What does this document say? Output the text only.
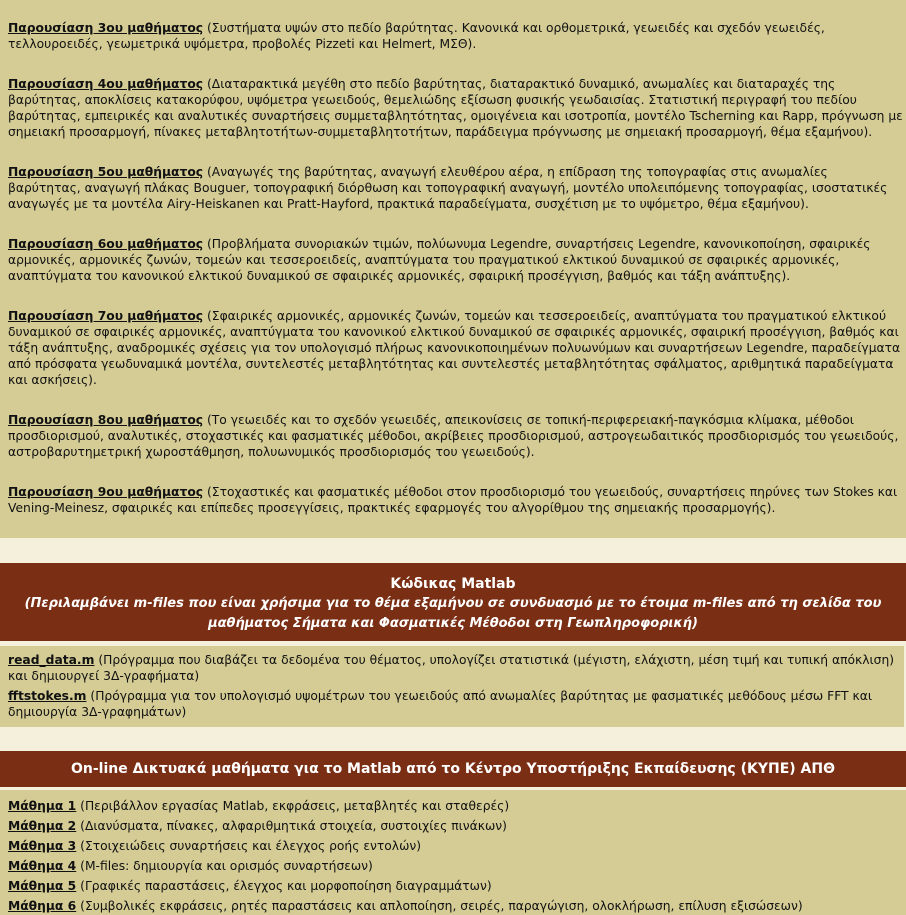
Παρουσίαση 3ου μαθήματος (Συστήματα υψών στο πεδίο βαρύτητας. Κανονικά και ορθομετρικά, γεωειδές και σχεδόν γεωειδές, τελλουροειδές, γεωμετρικά υψόμετρα, προβολές Pizzeti και Helmert, ΜΣΘ).

Παρουσίαση 4ου μαθήματος (Διαταρακτικά μεγέθη στο πεδίο βαρύτητας, διαταρακτικό δυναμικό, ανωμαλίες και διαταραχές της βαρύτητας, αποκλίσεις κατακορύφου, υψόμετρα γεωειδούς, θεμελιώδης εξίσωση φυσικής γεωδαισίας. Στατιστική περιγραφή του πεδίου βαρύτητας, εμπειρικές και αναλυτικές συναρτήσεις συμμεταβλητότητας, ομοιγένεια και ισοτροπία, μοντέλο Tscherning και Rapp, πρόγνωση με σημειακή προσαρμογή, πίνακες μεταβλητοτήτων-συμμεταβλητοτήτων, παράδειγμα πρόγνωσης με σημειακή προσαρμογή, θέμα εξαμήνου).

Παρουσίαση 5ου μαθήματος (Αναγωγές της βαρύτητας, αναγωγή ελευθέρου αέρα, η επίδραση της τοπογραφίας στις ανωμαλίες βαρύτητας, αναγωγή πλάκας Bouguer, τοπογραφική διόρθωση και τοπογραφική αναγωγή, μοντέλο υπολειπόμενης τοπογραφίας, ισοστατικές αναγωγές με τα μοντέλα Airy-Heiskanen και Pratt-Hayford, πρακτικά παραδείγματα, συσχέτιση με το υψόμετρο, θέμα εξαμήνου).

Παρουσίαση 6ου μαθήματος (Προβλήματα συνοριακών τιμών, πολύωνυμα Legendre, συναρτήσεις Legendre, κανονικοποίηση, σφαιρικές αρμονικές, αρμονικές ζωνών, τομεών και τεσσεροειδείς, αναπτύγματα του πραγματικού ελκτικού δυναμικού σε σφαιρικές αρμονικές, αναπτύγματα του κανονικού ελκτικού δυναμικού σε σφαιρικές αρμονικές, σφαιρική προσέγγιση, βαθμός και τάξη ανάπτυξης).

Παρουσίαση 7ου μαθήματος (Σφαιρικές αρμονικές, αρμονικές ζωνών, τομεών και τεσσεροειδείς, αναπτύγματα του πραγματικού ελκτικού δυναμικού σε σφαιρικές αρμονικές, αναπτύγματα του κανονικού ελκτικού δυναμικού σε σφαιρικές αρμονικές, σφαιρική προσέγγιση, βαθμός και τάξη ανάπτυξης, αναδρομικές σχέσεις για τον υπολογισμό πλήρως κανονικοποιημένων πολυωνύμων και συναρτήσεων Legendre, παραδείγματα από πρόσφατα γεωδυναμικά μοντέλα, συντελεστές μεταβλητότητας και συντελεστές μεταβλητότητας σφάλματος, αριθμητικά παραδείγματα και ασκήσεις).

Παρουσίαση 8ου μαθήματος (Το γεωειδές και το σχεδόν γεωειδές, απεικονίσεις σε τοπική-περιφερειακή-παγκόσμια κλίμακα, μέθοδοι προσδιορισμού, αναλυτικές, στοχαστικές και φασματικές μέθοδοι, ακρίβειες προσδιορισμού, αστρογεωδαιτικός προσδιορισμός του γεωειδούς, αστροβαρυτημετρική χωροστάθμηση, πολυωνυμικός προσδιορισμός του γεωειδούς).

Παρουσίαση 9ου μαθήματος (Στοχαστικές και φασματικές μέθοδοι στον προσδιορισμό του γεωειδούς, συναρτήσεις πηρύνες των Stokes και Vening-Meinesz, σφαιρικές και επίπεδες προσεγγίσεις, πρακτικές εφαρμογές του αλγορίθμου της σημειακής προσαρμογής).

Κώδικας Matlab
(Περιλαμβάνει m-files που είναι χρήσιμα για το θέμα εξαμήνου σε συνδυασμό με το έτοιμα m-files από τη σελίδα του μαθήματος Σήματα και Φασματικές Μέθοδοι στη Γεωπληροφορική)
read_data.m (Πρόγραμμα που διαβάζει τα δεδομένα του θέματος, υπολογίζει στατιστικά (μέγιστη, ελάχιστη, μέση τιμή και τυπική απόκλιση) και δημιουργεί 3Δ-γραφήματα)
fftstokes.m (Πρόγραμμα για τον υπολογισμό υψομέτρων του γεωειδούς από ανωμαλίες βαρύτητας με φασματικές μεθόδους μέσω FFT και δημιουργία 3Δ-γραφημάτων)
On-line Δικτυακά μαθήματα για το Matlab από το Κέντρο Υποστήριξης Εκπαίδευσης (ΚΥΠΕ) ΑΠΘ
Μάθημα 1 (Περιβάλλον εργασίας Matlab, εκφράσεις, μεταβλητές και σταθερές)
Μάθημα 2 (Διανύσματα, πίνακες, αλφαριθμητικά στοιχεία, συστοιχίες πινάκων)
Μάθημα 3 (Στοιχειώδεις συναρτήσεις και έλεγχος ροής εντολών)
Μάθημα 4 (M-files: δημιουργία και ορισμός συναρτήσεων)
Μάθημα 5 (Γραφικές παραστάσεις, έλεγχος και μορφοποίηση διαγραμμάτων)
Μάθημα 6 (Συμβολικές εκφράσεις, ρητές παραστάσεις και απλοποίηση, σειρές, παραγώγιση, ολοκλήρωση, επίλυση εξισώσεων)
